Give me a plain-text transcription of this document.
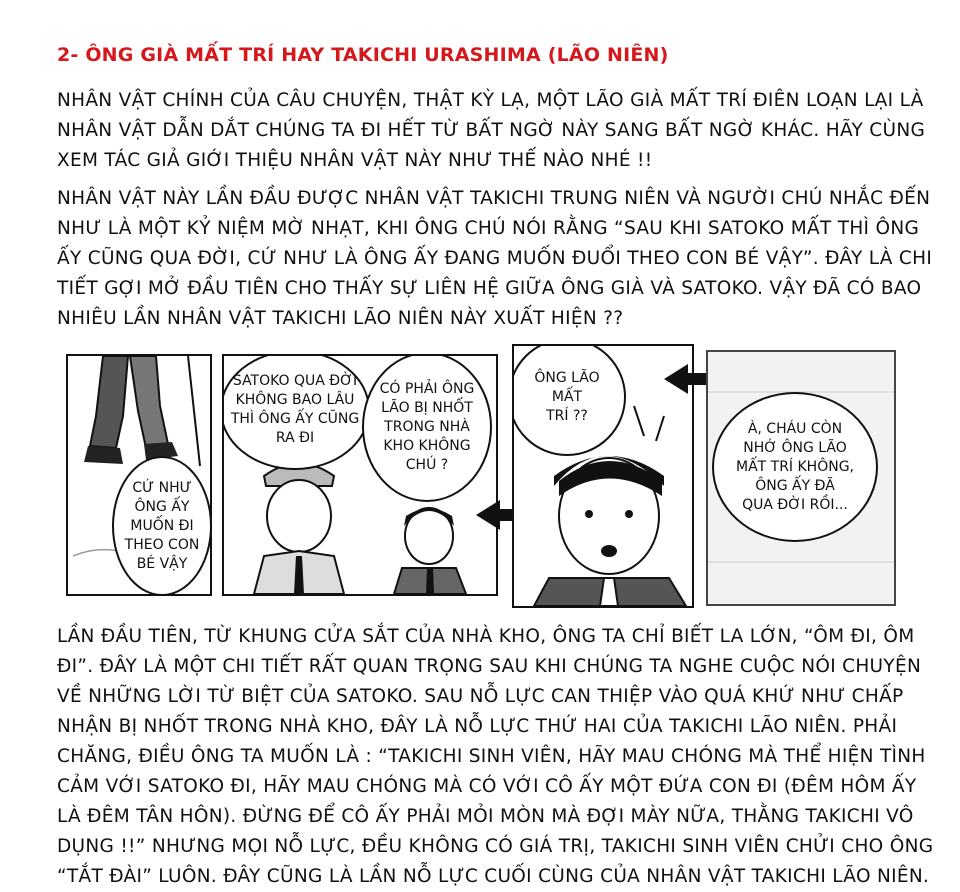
2- ÔNG GIÀ MẤT TRÍ HAY TAKICHI URASHIMA (LÃO NIÊN)
NHÂN VẬT CHÍNH CỦA CÂU CHUYỆN, THẬT KỲ LẠ, MỘT LÃO GIÀ MẤT TRÍ ĐIÊN LOẠN LẠI LÀ
NHÂN VẬT DẪN DẮT CHÚNG TA ĐI HẾT TỪ BẤT NGỜ NÀY SANG BẤT NGỜ KHÁC. HÃY CÙNG
XEM TÁC GIẢ GIỚI THIỆU NHÂN VẬT NÀY NHƯ THẾ NÀO NHÉ !!
NHÂN VẬT NÀY LẦN ĐẦU ĐƯỢC NHÂN VẬT TAKICHI TRUNG NIÊN VÀ NGƯỜI CHÚ NHẮC ĐẾN
NHƯ LÀ MỘT KỶ NIỆM MỜ NHẠT, KHI ÔNG CHÚ NÓI RẰNG “SAU KHI SATOKO MẤT THÌ ÔNG
ẤY CŨNG QUA ĐỜI, CỨ NHƯ LÀ ÔNG ẤY ĐANG MUỐN ĐUỔI THEO CON BÉ VẬY”. ĐÂY LÀ CHI
TIẾT GỢI MỞ ĐẦU TIÊN CHO THẤY SỰ LIÊN HỆ GIỮA ÔNG GIÀ VÀ SATOKO. VẬY ĐÃ CÓ BAO
NHIÊU LẦN NHÂN VẬT TAKICHI LÃO NIÊN NÀY XUẤT HIỆN ??
CỨ NHƯ
ÔNG ẤY
MUỐN ĐI
THEO CON
BÉ VẬY
SATOKO QUA ĐỜI
KHÔNG BAO LÂU
THÌ ÔNG ẤY CŨNG
RA ĐI
CÓ PHẢI ÔNG
LÃO BỊ NHỐT
TRONG NHÀ
KHO KHÔNG
CHÚ ?
ÔNG LÃO
MẤT
TRÍ ??
À, CHÁU CÒN
NHỚ ÔNG LÃO
MẤT TRÍ KHÔNG,
ÔNG ẤY ĐÃ
QUA ĐỜI RỒI...
LẦN ĐẦU TIÊN, TỪ KHUNG CỬA SẮT CỦA NHÀ KHO, ÔNG TA CHỈ BIẾT LA LỚN, “ÔM ĐI, ÔM
ĐI”. ĐÂY LÀ MỘT CHI TIẾT RẤT QUAN TRỌNG SAU KHI CHÚNG TA NGHE CUỘC NÓI CHUYỆN
VỀ NHỮNG LỜI TỪ BIỆT CỦA SATOKO. SAU NỖ LỰC CAN THIỆP VÀO QUÁ KHỨ NHƯ CHẤP
NHẬN BỊ NHỐT TRONG NHÀ KHO, ĐÂY LÀ NỖ LỰC THỨ HAI CỦA TAKICHI LÃO NIÊN. PHẢI
CHĂNG, ĐIỀU ÔNG TA MUỐN LÀ : “TAKICHI SINH VIÊN, HÃY MAU CHÓNG MÀ THỂ HIỆN TÌNH
CẢM VỚI SATOKO ĐI, HÃY MAU CHÓNG MÀ CÓ VỚI CÔ ẤY MỘT ĐỨA CON ĐI (ĐÊM HÔM ẤY
LÀ ĐÊM TÂN HÔN). ĐỪNG ĐỂ CÔ ẤY PHẢI MỎI MÒN MÀ ĐỢI MÀY NỮA, THẰNG TAKICHI VÔ
DỤNG !!” NHƯNG MỌI NỖ LỰC, ĐỀU KHÔNG CÓ GIÁ TRỊ, TAKICHI SINH VIÊN CHỬI CHO ÔNG
“TẮT ĐÀI” LUÔN. ĐÂY CŨNG LÀ LẦN NỖ LỰC CUỐI CÙNG CỦA NHÂN VẬT TAKICHI LÃO NIÊN.
